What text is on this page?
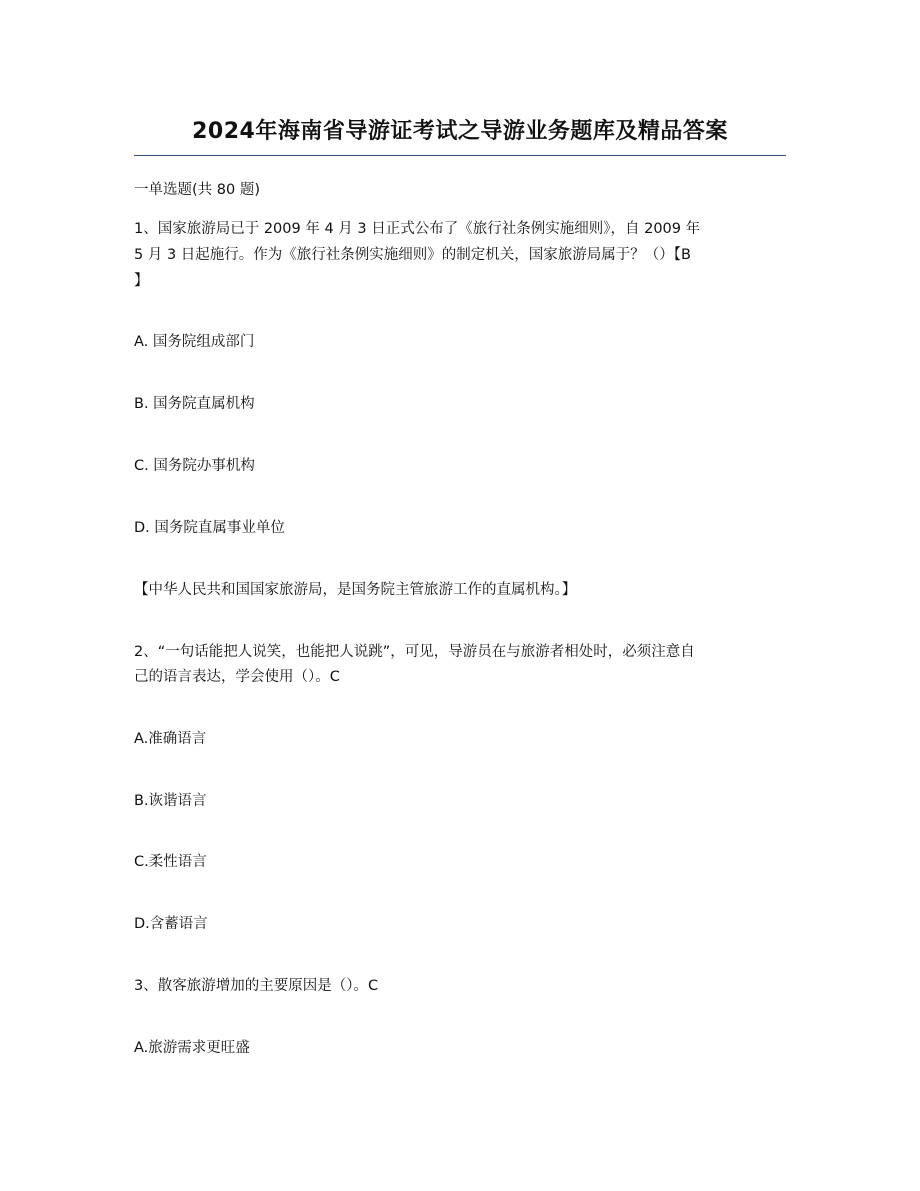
2024年海南省导游证考试之导游业务题库及精品答案
一单选题(共 80 题)
1、国家旅游局已于 2009 年 4 月 3 日正式公布了《旅行社条例实施细则》，自 2009 年
5 月 3 日起施行。作为《旅行社条例实施细则》的制定机关，国家旅游局属于？（）【B
】
A. 国务院组成部门
B. 国务院直属机构
C. 国务院办事机构
D. 国务院直属事业单位
【中华人民共和国国家旅游局，是国务院主管旅游工作的直属机构。】
2、“一句话能把人说笑，也能把人说跳”，可见，导游员在与旅游者相处时，必须注意自
己的语言表达，学会使用（）。C
A.准确语言
B.诙谐语言
C.柔性语言
D.含蓄语言
3、散客旅游增加的主要原因是（）。C
A.旅游需求更旺盛
